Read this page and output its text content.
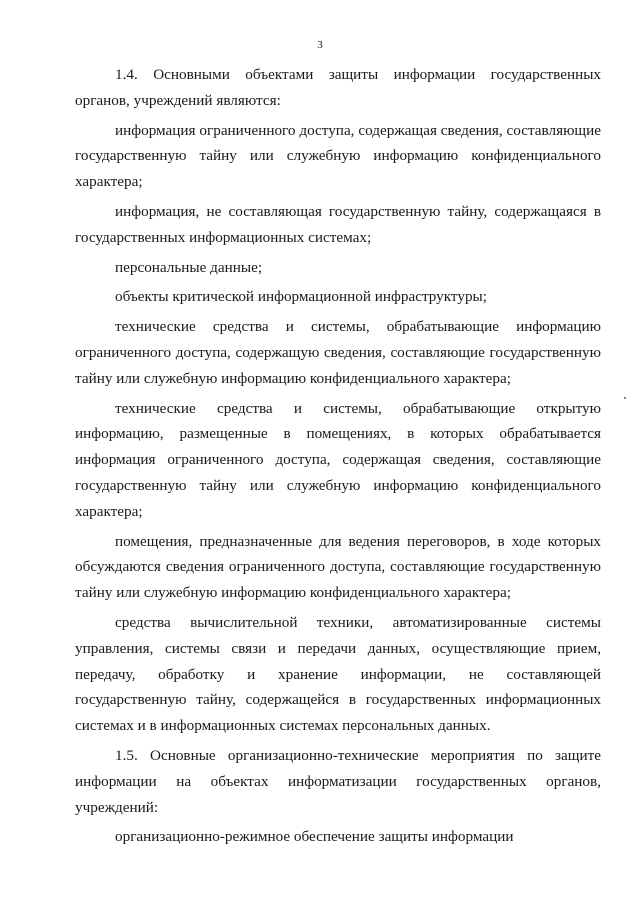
3

1.4. Основными объектами защиты информации государственных органов, учреждений являются:

информация ограниченного доступа, содержащая сведения, составляющие государственную тайну или служебную информацию конфиденциального характера;

информация, не составляющая государственную тайну, содержащаяся в государственных информационных системах;

персональные данные;

объекты критической информационной инфраструктуры;

технические средства и системы, обрабатывающие информацию ограниченного доступа, содержащую сведения, составляющие государственную тайну или служебную информацию конфиденциального характера;

технические средства и системы, обрабатывающие открытую информацию, размещенные в помещениях, в которых обрабатывается информация ограниченного доступа, содержащая сведения, составляющие государственную тайну или служебную информацию конфиденциального характера;

помещения, предназначенные для ведения переговоров, в ходе которых обсуждаются сведения ограниченного доступа, составляющие государственную тайну или служебную информацию конфиденциального характера;

средства вычислительной техники, автоматизированные системы управления, системы связи и передачи данных, осуществляющие прием, передачу, обработку и хранение информации, не составляющей государственную тайну, содержащейся в государственных информационных системах и в информационных системах персональных данных.

1.5. Основные организационно-технические мероприятия по защите информации на объектах информатизации государственных органов, учреждений:

организационно-режимное обеспечение защиты информации
